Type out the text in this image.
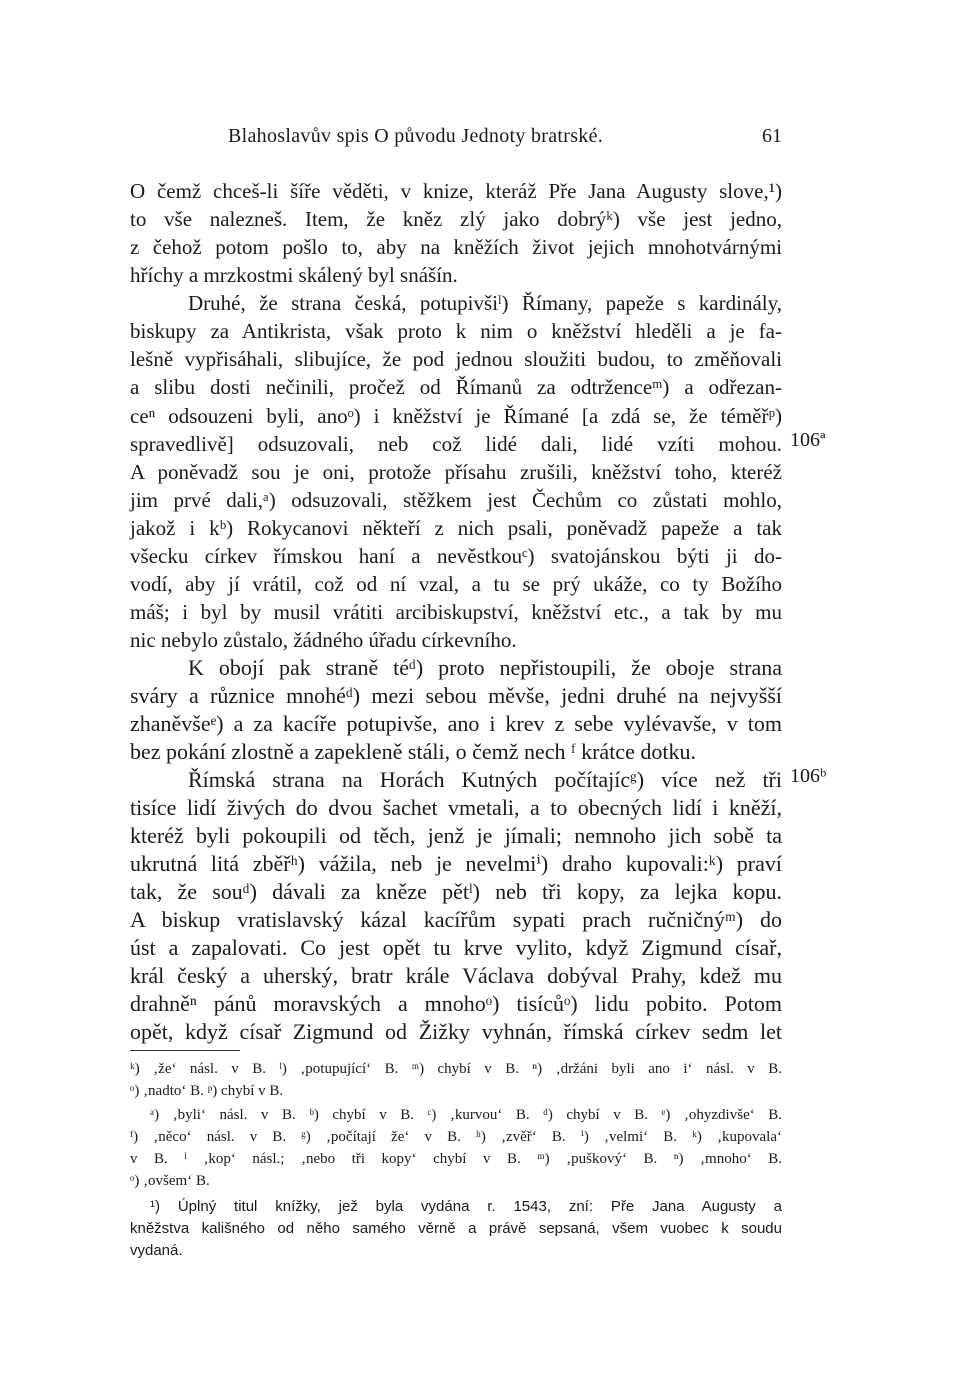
Blahoslavův spis O původu Jednoty bratrské.	61
O čemž chceš-li šíře věděti, v knize, kteráž Pře Jana Augusty slove,¹)
to vše nalezneš. Item, že kněz zlý jako dobrýᵏ) vše jest jedno,
z čehož potom pošlo to, aby na kněžích život jejich mnohotvárnými
hříchy a mrzkostmi skálený byl snášín.
Druhé, že strana česká, potupivšiˡ) Římany, papeže s kardinály,
biskupy za Antikrista, však proto k nim o kněžství hleděli a je fa-
lešně vypřisáhali, slibujíce, že pod jednou sloužiti budou, to změňovali
a slibu dosti nečinili, pročež od Římanů za odtrženceᵐ) a odřezan-
ceⁿ odsouzeni byli, anoᵒ) i kněžství je Římané [a zdá se, že téměřᵖ)
spravedlivě] odsuzovali, neb což lidé dali, lidé vzíti mohou.
A poněvadž sou je oni, protože přísahu zrušili, kněžství toho, kteréž
jim prvé dali,ᵃ) odsuzovali, stěžkem jest Čechům co zůstati mohlo,
jakož i kᵇ) Rokycanovi někteří z nich psali, poněvadž papeže a tak
všecku církev římskou haní a nevěstkouᶜ) svatojánskou býti ji do-
vodí, aby jí vrátil, což od ní vzal, a tu se prý ukáže, co ty Božího
máš; i byl by musil vrátiti arcibiskupství, kněžství etc., a tak by mu
nic nebylo zůstalo, žádného úřadu církevního.
K obojí pak straně téᵈ) proto nepřistoupili, že oboje strana
sváry a různice mnohéᵈ) mezi sebou měvše, jedni druhé na nejvyšší
zhaněvšeᵉ) a za kacíře potupivše, ano i krev z sebe vylévavše, v tom
bez pokání zlostně a zapekleně stáli, o čemž nech ᶠ krátce dotku.
Římská strana na Horách Kutných počítajícᵍ) více než tři
tisíce lidí živých do dvou šachet vmetali, a to obecných lidí i kněží,
kteréž byli pokoupili od těch, jenž je jímali; nemnoho jich sobě ta
ukrutná litá zběřʰ) vážila, neb je nevelmiⁱ) draho kupovali:ᵏ) praví
tak, že souᵈ) dávali za kněze pětˡ) neb tři kopy, za lejka kopu.
A biskup vratislavský kázal kacířům sypati prach ručničnýᵐ) do
úst a zapalovati. Co jest opět tu krve vylito, když Zigmund císař,
král český a uherský, bratr krále Václava dobýval Prahy, kdež mu
drahněⁿ pánů moravských a mnohoᵒ) tisícůᵒ) lidu pobito. Potom
opět, když císař Zigmund od Žižky vyhnán, římská církev sedm let
106ª
106ᵇ
ᵏ) ‚že‘ násl. v B. ˡ) ‚potupující‘ B. ᵐ) chybí v B. ⁿ) ‚držáni byli ano i‘ násl. v B.
ᵒ) ‚nadto‘ B. ᵖ) chybí v B.
ᵃ) ‚byli‘ násl. v B. ᵇ) chybí v B. ᶜ) ‚kurvou‘ B. ᵈ) chybí v B. ᵉ) ‚ohyzdivše‘ B.
ᶠ) ‚něco‘ násl. v B. ᵍ) ‚počítají že‘ v B. ʰ) ‚zvěř‘ B. ⁱ) ‚velmi‘ B. ᵏ) ‚kupovala‘
v B. ˡ ‚kop‘ násl.; ‚nebo tři kopy‘ chybí v B. ᵐ) ‚puškový‘ B. ⁿ) ‚mnoho‘ B.
ᵒ) ‚ovšem‘ B.
¹) Úplný titul knížky, jež byla vydána r. 1543, zní: Pře Jana Augusty a
kněžstva kališného od něho samého věrně a právě sepsaná, všem vuobec k soudu
vydaná.
